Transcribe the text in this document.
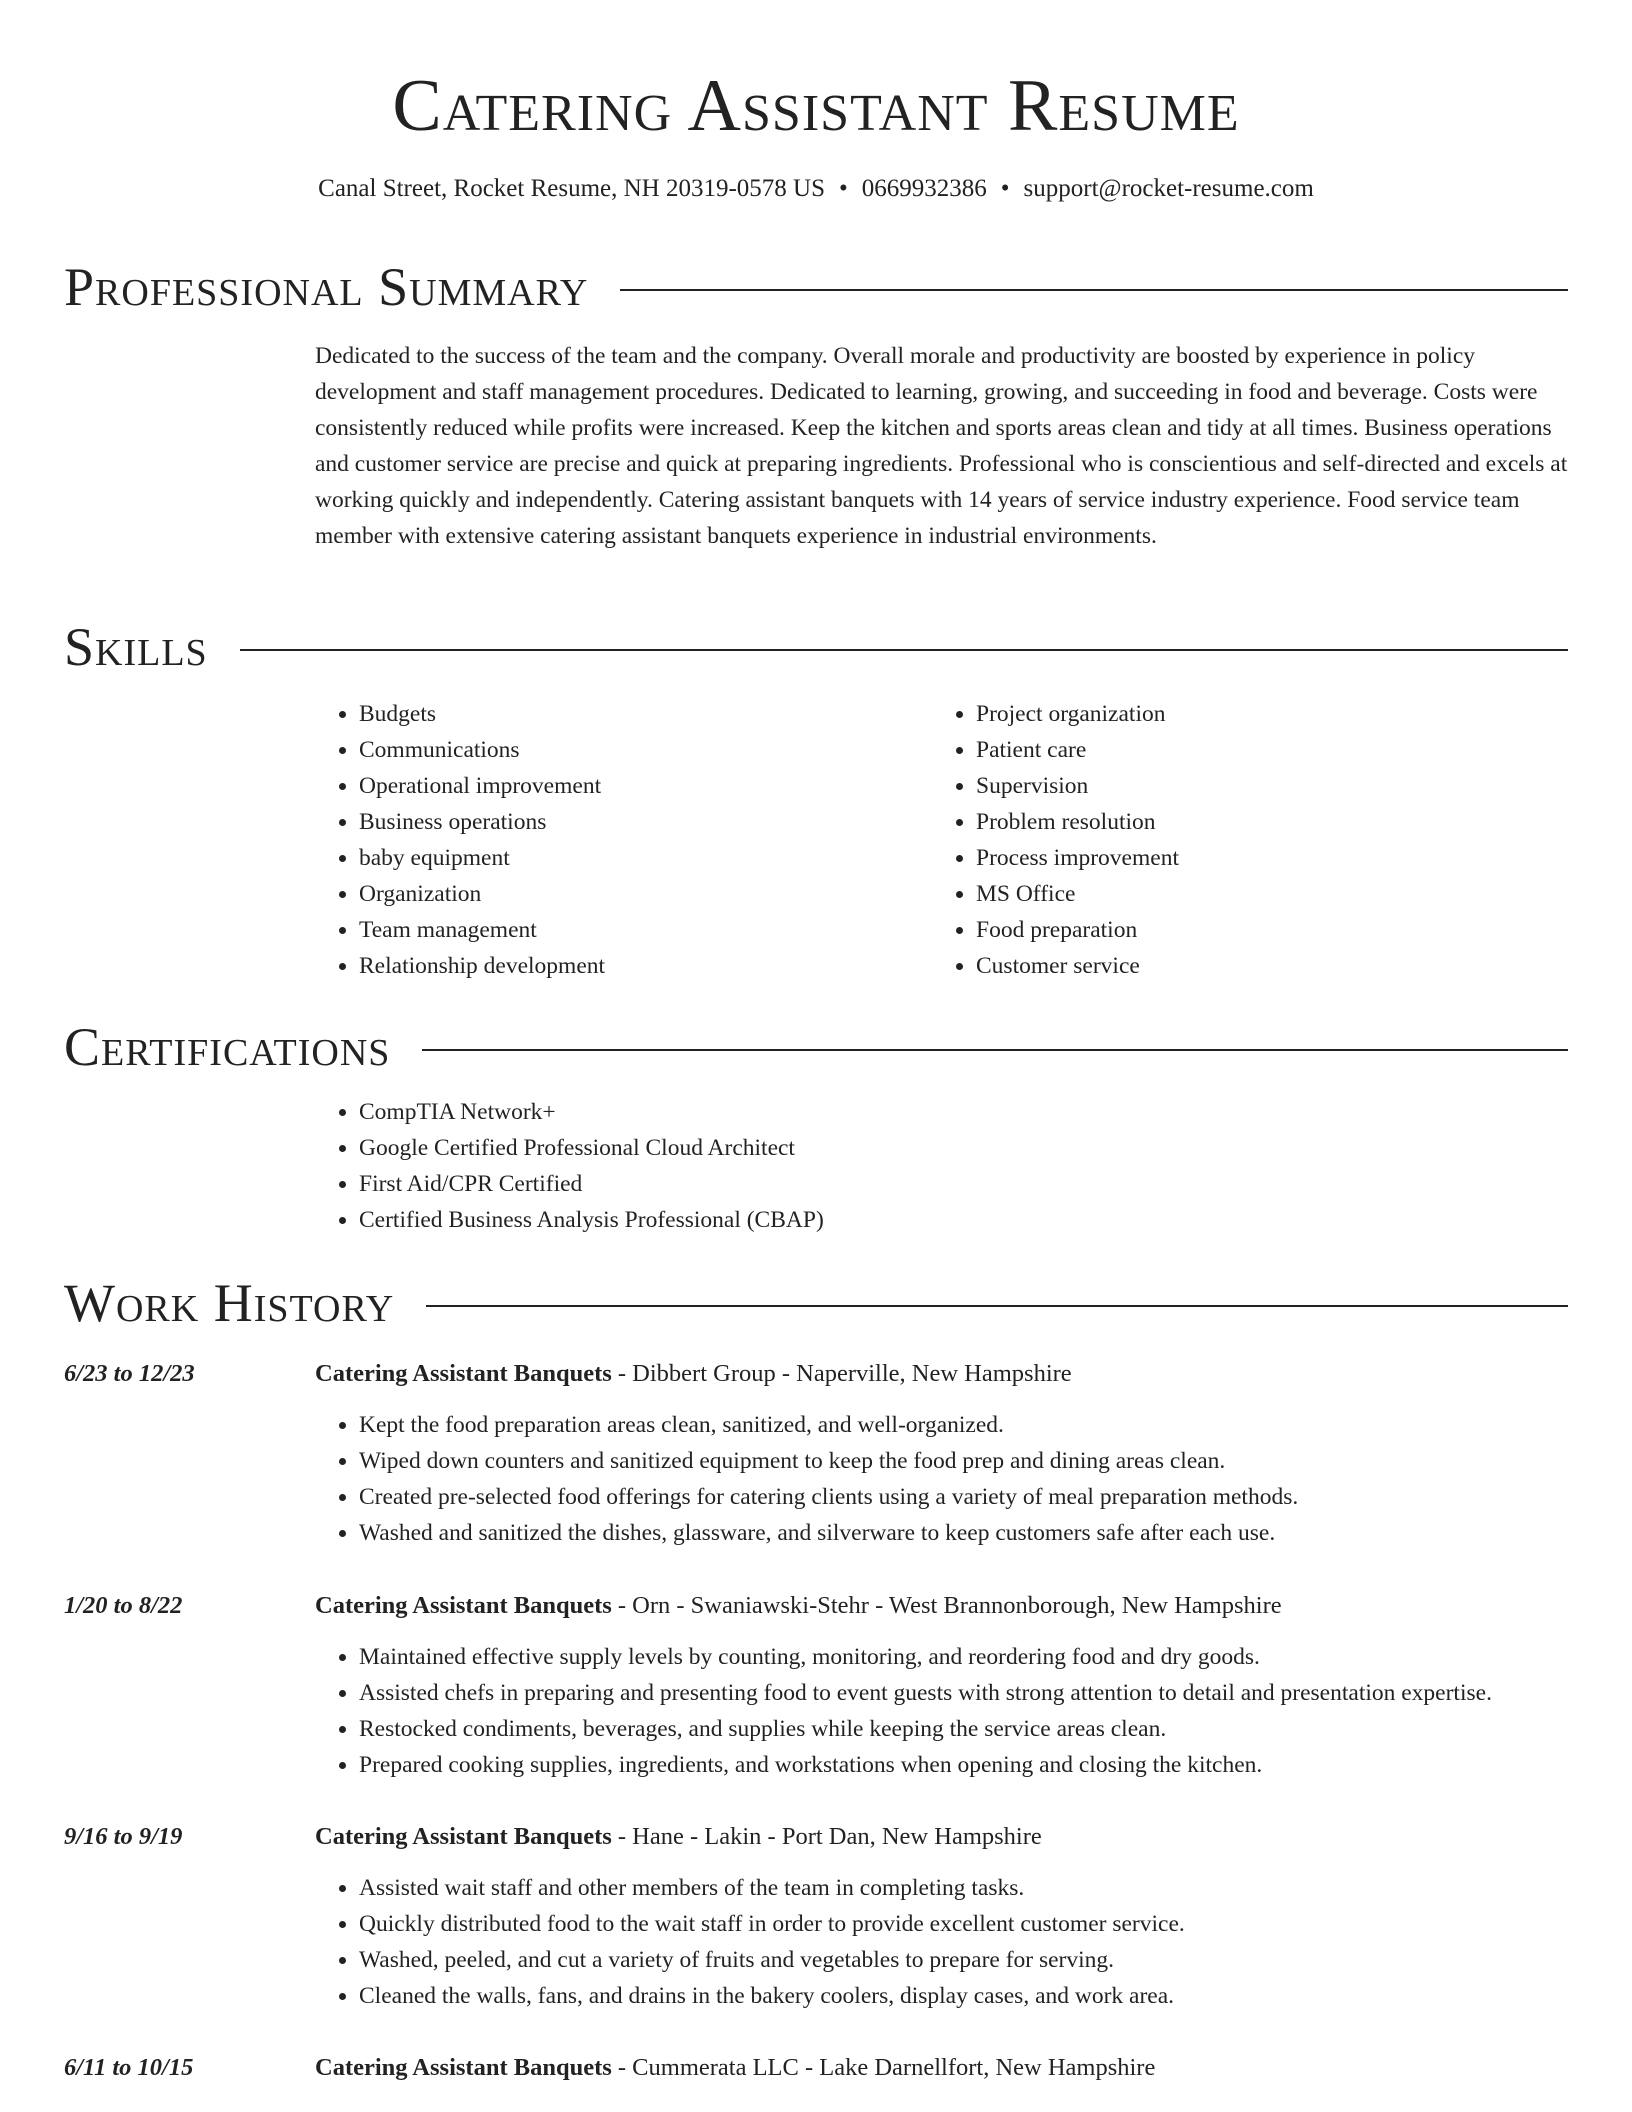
Catering Assistant Resume
Canal Street, Rocket Resume, NH 20319-0578 US • 0669932386 • support@rocket-resume.com
Professional Summary

Dedicated to the success of the team and the company. Overall morale and productivity are boosted by experience in policy development and staff management procedures. Dedicated to learning, growing, and succeeding in food and beverage. Costs were consistently reduced while profits were increased. Keep the kitchen and sports areas clean and tidy at all times. Business operations and customer service are precise and quick at preparing ingredients. Professional who is conscientious and self-directed and excels at working quickly and independently. Catering assistant banquets with 14 years of service industry experience. Food service team member with extensive catering assistant banquets experience in industrial environments.

Skills
• Budgets
• Communications
• Operational improvement
• Business operations
• baby equipment
• Organization
• Team management
• Relationship development
• Project organization
• Patient care
• Supervision
• Problem resolution
• Process improvement
• MS Office
• Food preparation
• Customer service
Certifications
• CompTIA Network+
• Google Certified Professional Cloud Architect
• First Aid/CPR Certified
• Certified Business Analysis Professional (CBAP)
Work History
6/23 to 12/23	Catering Assistant Banquets - Dibbert Group - Naperville, New Hampshire
• Kept the food preparation areas clean, sanitized, and well-organized.
• Wiped down counters and sanitized equipment to keep the food prep and dining areas clean.
• Created pre-selected food offerings for catering clients using a variety of meal preparation methods.
• Washed and sanitized the dishes, glassware, and silverware to keep customers safe after each use.
1/20 to 8/22	Catering Assistant Banquets - Orn - Swaniawski-Stehr - West Brannonborough, New Hampshire
• Maintained effective supply levels by counting, monitoring, and reordering food and dry goods.
• Assisted chefs in preparing and presenting food to event guests with strong attention to detail and presentation expertise.
• Restocked condiments, beverages, and supplies while keeping the service areas clean.
• Prepared cooking supplies, ingredients, and workstations when opening and closing the kitchen.
9/16 to 9/19	Catering Assistant Banquets - Hane - Lakin - Port Dan, New Hampshire
• Assisted wait staff and other members of the team in completing tasks.
• Quickly distributed food to the wait staff in order to provide excellent customer service.
• Washed, peeled, and cut a variety of fruits and vegetables to prepare for serving.
• Cleaned the walls, fans, and drains in the bakery coolers, display cases, and work area.
6/11 to 10/15	Catering Assistant Banquets - Cummerata LLC - Lake Darnellfort, New Hampshire
